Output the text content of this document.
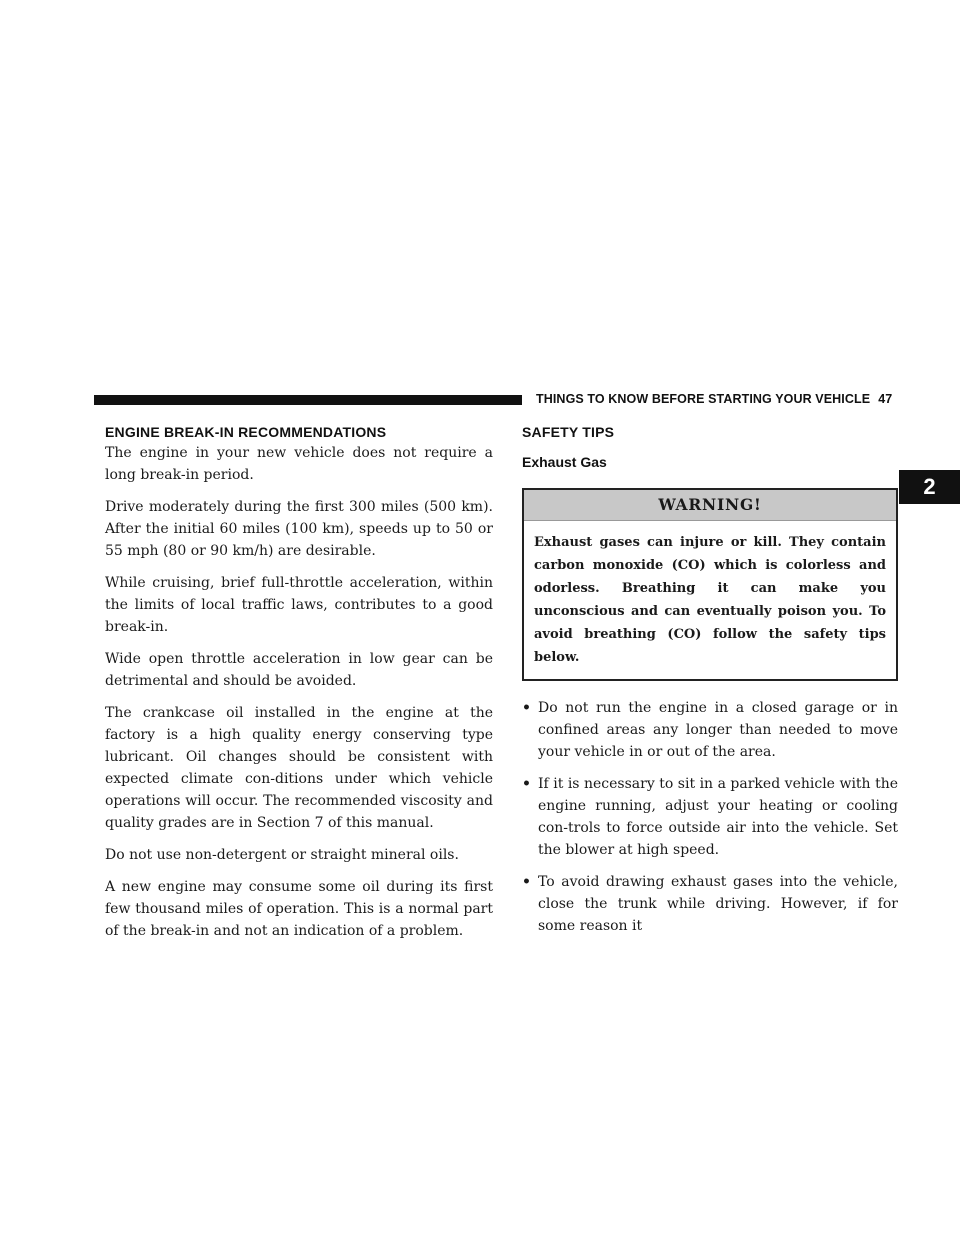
THINGS TO KNOW BEFORE STARTING YOUR VEHICLE 47
2
ENGINE BREAK-IN RECOMMENDATIONS

The engine in your new vehicle does not require a long break-in period.

Drive moderately during the first 300 miles (500 km). After the initial 60 miles (100 km), speeds up to 50 or 55 mph (80 or 90 km/h) are desirable.

While cruising, brief full-throttle acceleration, within the limits of local traffic laws, contributes to a good break-in.

Wide open throttle acceleration in low gear can be detrimental and should be avoided.

The crankcase oil installed in the engine at the factory is a high quality energy conserving type lubricant. Oil changes should be consistent with expected climate con-ditions under which vehicle operations will occur. The recommended viscosity and quality grades are in Section 7 of this manual.

Do not use non-detergent or straight mineral oils.

A new engine may consume some oil during its first few thousand miles of operation. This is a normal part of the break-in and not an indication of a problem.

SAFETY TIPS
Exhaust Gas
WARNING!
Exhaust gases can injure or kill. They contain carbon monoxide (CO) which is colorless and odorless. Breathing it can make you unconscious and can eventually poison you. To avoid breathing (CO) follow the safety tips below.
• Do not run the engine in a closed garage or in confined areas any longer than needed to move your vehicle in or out of the area.
• If it is necessary to sit in a parked vehicle with the engine running, adjust your heating or cooling con-trols to force outside air into the vehicle. Set the blower at high speed.
• To avoid drawing exhaust gases into the vehicle, close the trunk while driving. However, if for some reason it
